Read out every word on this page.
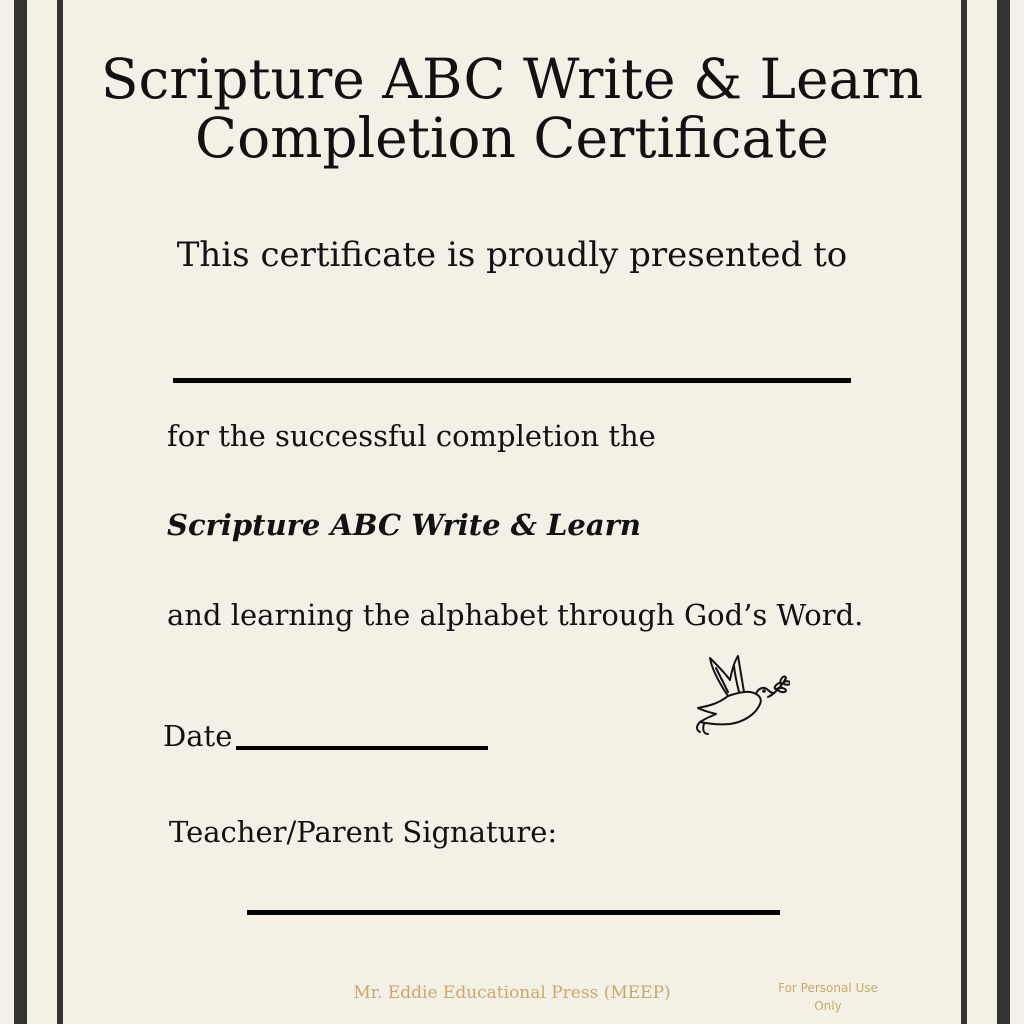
Scripture ABC Write & Learn Completion Certificate
This certificate is proudly presented to
for the successful completion the
Scripture ABC Write & Learn
and learning the alphabet through God’s Word.
Date
Teacher/Parent Signature:
Mr. Eddie Educational Press (MEEP)	For Personal Use Only
